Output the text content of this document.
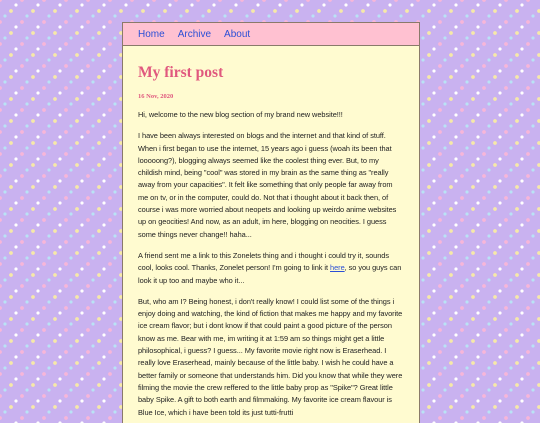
Home Archive About
My first post
16 Nov, 2020

Hi, welcome to the new blog section of my brand new website!!!

I have been always interested on blogs and the internet and that kind of stuff. When i first began to use the internet, 15 years ago i guess (woah its been that looooong?), blogging always seemed like the coolest thing ever. But, to my childish mind, being "cool" was stored in my brain as the same thing as "really away from your capacities". It felt like something that only people far away from me on tv, or in the computer, could do. Not that i thought about it back then, of course i was more worried about neopets and looking up weirdo anime websites up on geocities! And now, as an adult, im here, blogging on neocities. I guess some things never change!! haha...

A friend sent me a link to this Zonelets thing and i thought i could try it, sounds cool, looks cool. Thanks, Zonelet person! I'm going to link it here, so you guys can look it up too and maybe who it...

But, who am I? Being honest, i don't really know! I could list some of the things i enjoy doing and watching, the kind of fiction that makes me happy and my favorite ice cream flavor; but i dont know if that could paint a good picture of the person know as me. Bear with me, im writing it at 1:59 am so things might get a little philosophical, i guess? I guess... My favorite movie right now is Eraserhead. I really love Eraserhead, mainly because of the little baby. I wish he could have a better family or someone that understands him. Did you know that while they were filming the movie the crew reffered to the little baby prop as "Spike"? Great little baby Spike. A gift to both earth and filmmaking. My favorite ice cream flavour is Blue Ice, which i have been told its just tutti-frutti
